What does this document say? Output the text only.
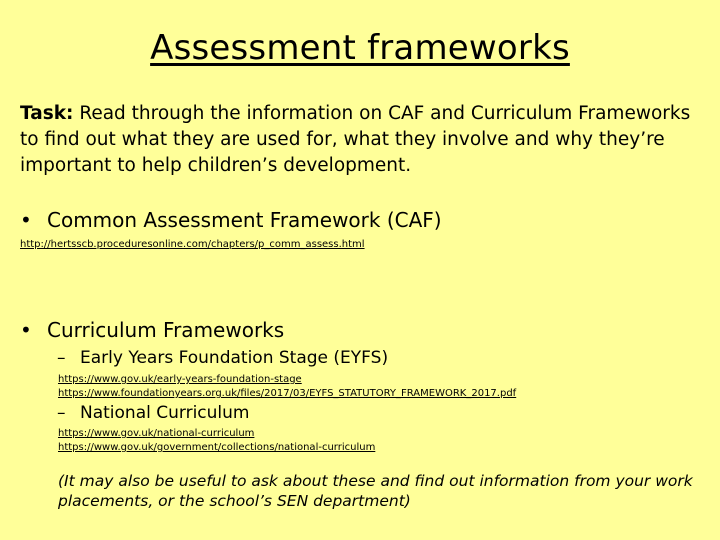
Assessment frameworks
Task: Read through the information on CAF and Curriculum Frameworks to find out what they are used for, what they involve and why they’re important to help children’s development.
• Common Assessment Framework (CAF)
http://hertsscb.proceduresonline.com/chapters/p_comm_assess.html
• Curriculum Frameworks
– Early Years Foundation Stage (EYFS)
https://www.gov.uk/early-years-foundation-stage
https://www.foundationyears.org.uk/files/2017/03/EYFS_STATUTORY_FRAMEWORK_2017.pdf
– National Curriculum
https://www.gov.uk/national-curriculum
https://www.gov.uk/government/collections/national-curriculum
(It may also be useful to ask about these and find out information from your work placements, or the school’s SEN department)
